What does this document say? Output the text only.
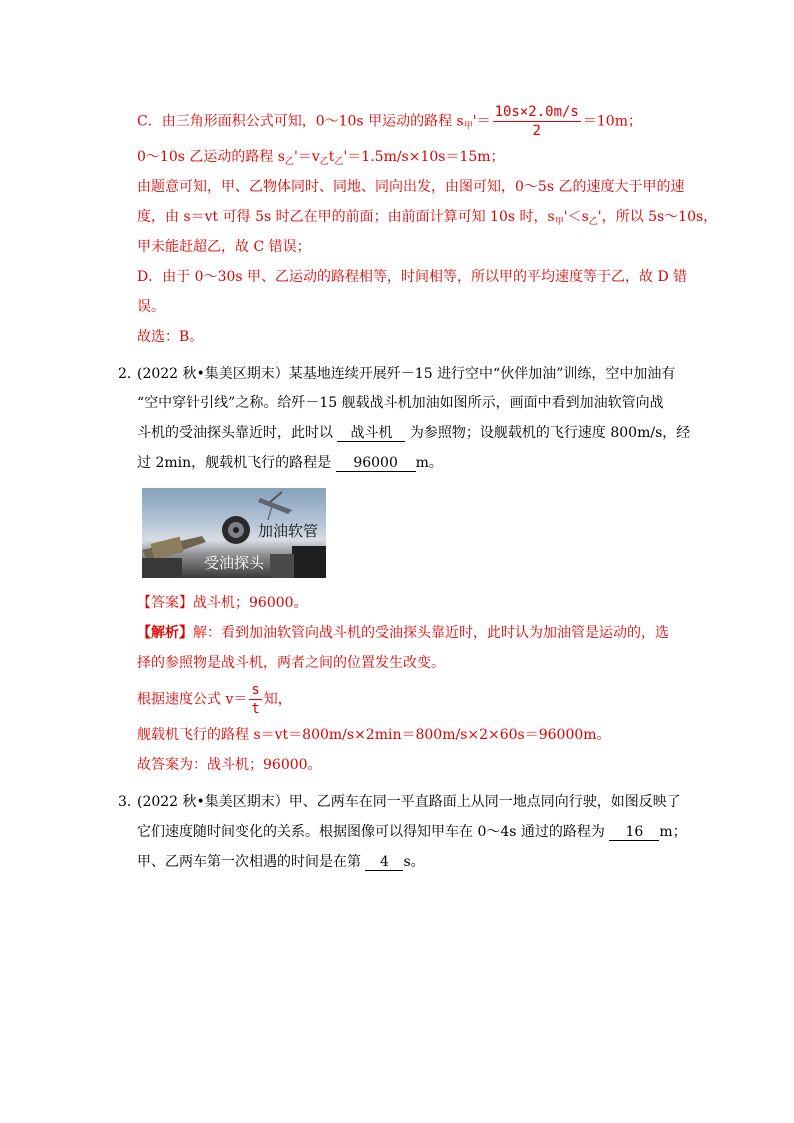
C．由三角形面积公式可知，0～10s 甲运动的路程 $s_甲'= \frac{10s\times 2.0m/s}{2} =10m$；
0～10s 乙运动的路程 $s_乙'=v_乙t_乙'=1.5m/s\times 10s=15m$；
由题意可知，甲、乙物体同时、同地、同向出发，由图可知，0～5s 乙的速度大于甲的速
度，由 s＝vt 可得 5s 时乙在甲的前面；由前面计算可知 10s 时，$s_甲'<s_乙'$，所以 5s～10s，
甲未能赶超乙，故 C 错误；
D．由于 0～30s 甲、乙运动的路程相等，时间相等，所以甲的平均速度等于乙，故 D 错
误。
故选：B。
2．
(2022 秋•集美区期末）某基地连续开展歼－15 进行空中“伙伴加油”训练，空中加油有
“空中穿针引线”之称。给歼－15 舰载战斗机加油如图所示，画面中看到加油软管向战
斗机的受油探头靠近时，此时以 战斗机 为参照物；设舰载机的飞行速度 800m/s，经
过 2min，舰载机飞行的路程是 96000 m。
加油软管
受油探头
【答案】战斗机；96000。
【解析】解：看到加油软管向战斗机的受油探头靠近时，此时认为加油管是运动的，选
择的参照物是战斗机，两者之间的位置发生改变。
根据速度公式 $v= \frac{s}{t}$ 知，
舰载机飞行的路程 s＝vt＝800m/s×2min＝800m/s×2×60s＝96000m。
故答案为：战斗机；96000。
3．
(2022 秋•集美区期末）甲、乙两车在同一平直路面上从同一地点同向行驶，如图反映了
它们速度随时间变化的关系。根据图像可以得知甲车在 0～4s 通过的路程为 16 m；
甲、乙两车第一次相遇的时间是在第 4 s。
